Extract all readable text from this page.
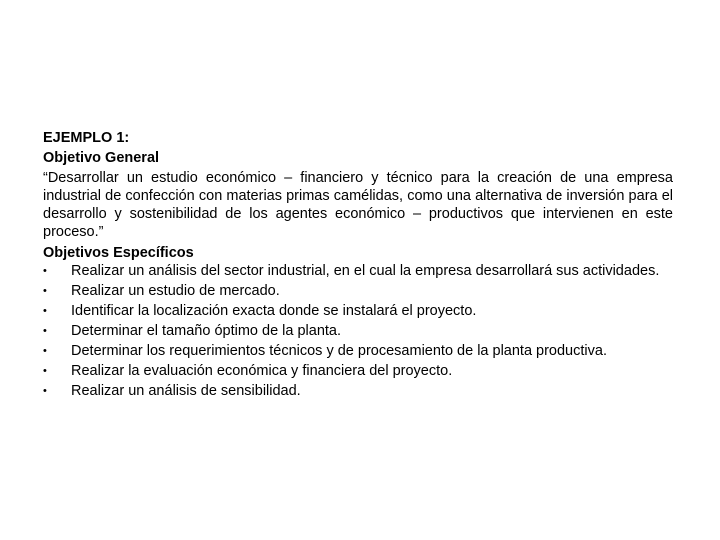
EJEMPLO 1:

Objetivo General

“Desarrollar un estudio económico – financiero y técnico para la creación de una empresa industrial de confección con materias primas camélidas, como una alternativa de inversión para el desarrollo y sostenibilidad de los agentes económico – productivos que intervienen en este proceso.”

Objetivos Específicos

•	Realizar un análisis del sector industrial, en el cual la empresa desarrollará sus actividades.
•	Realizar un estudio de mercado.
•	Identificar la localización exacta donde se instalará el proyecto.
•	Determinar el tamaño óptimo de la planta.
•	Determinar los requerimientos técnicos y de procesamiento de la planta productiva.
•	Realizar la evaluación económica y financiera del proyecto.
•	Realizar un análisis de sensibilidad.
